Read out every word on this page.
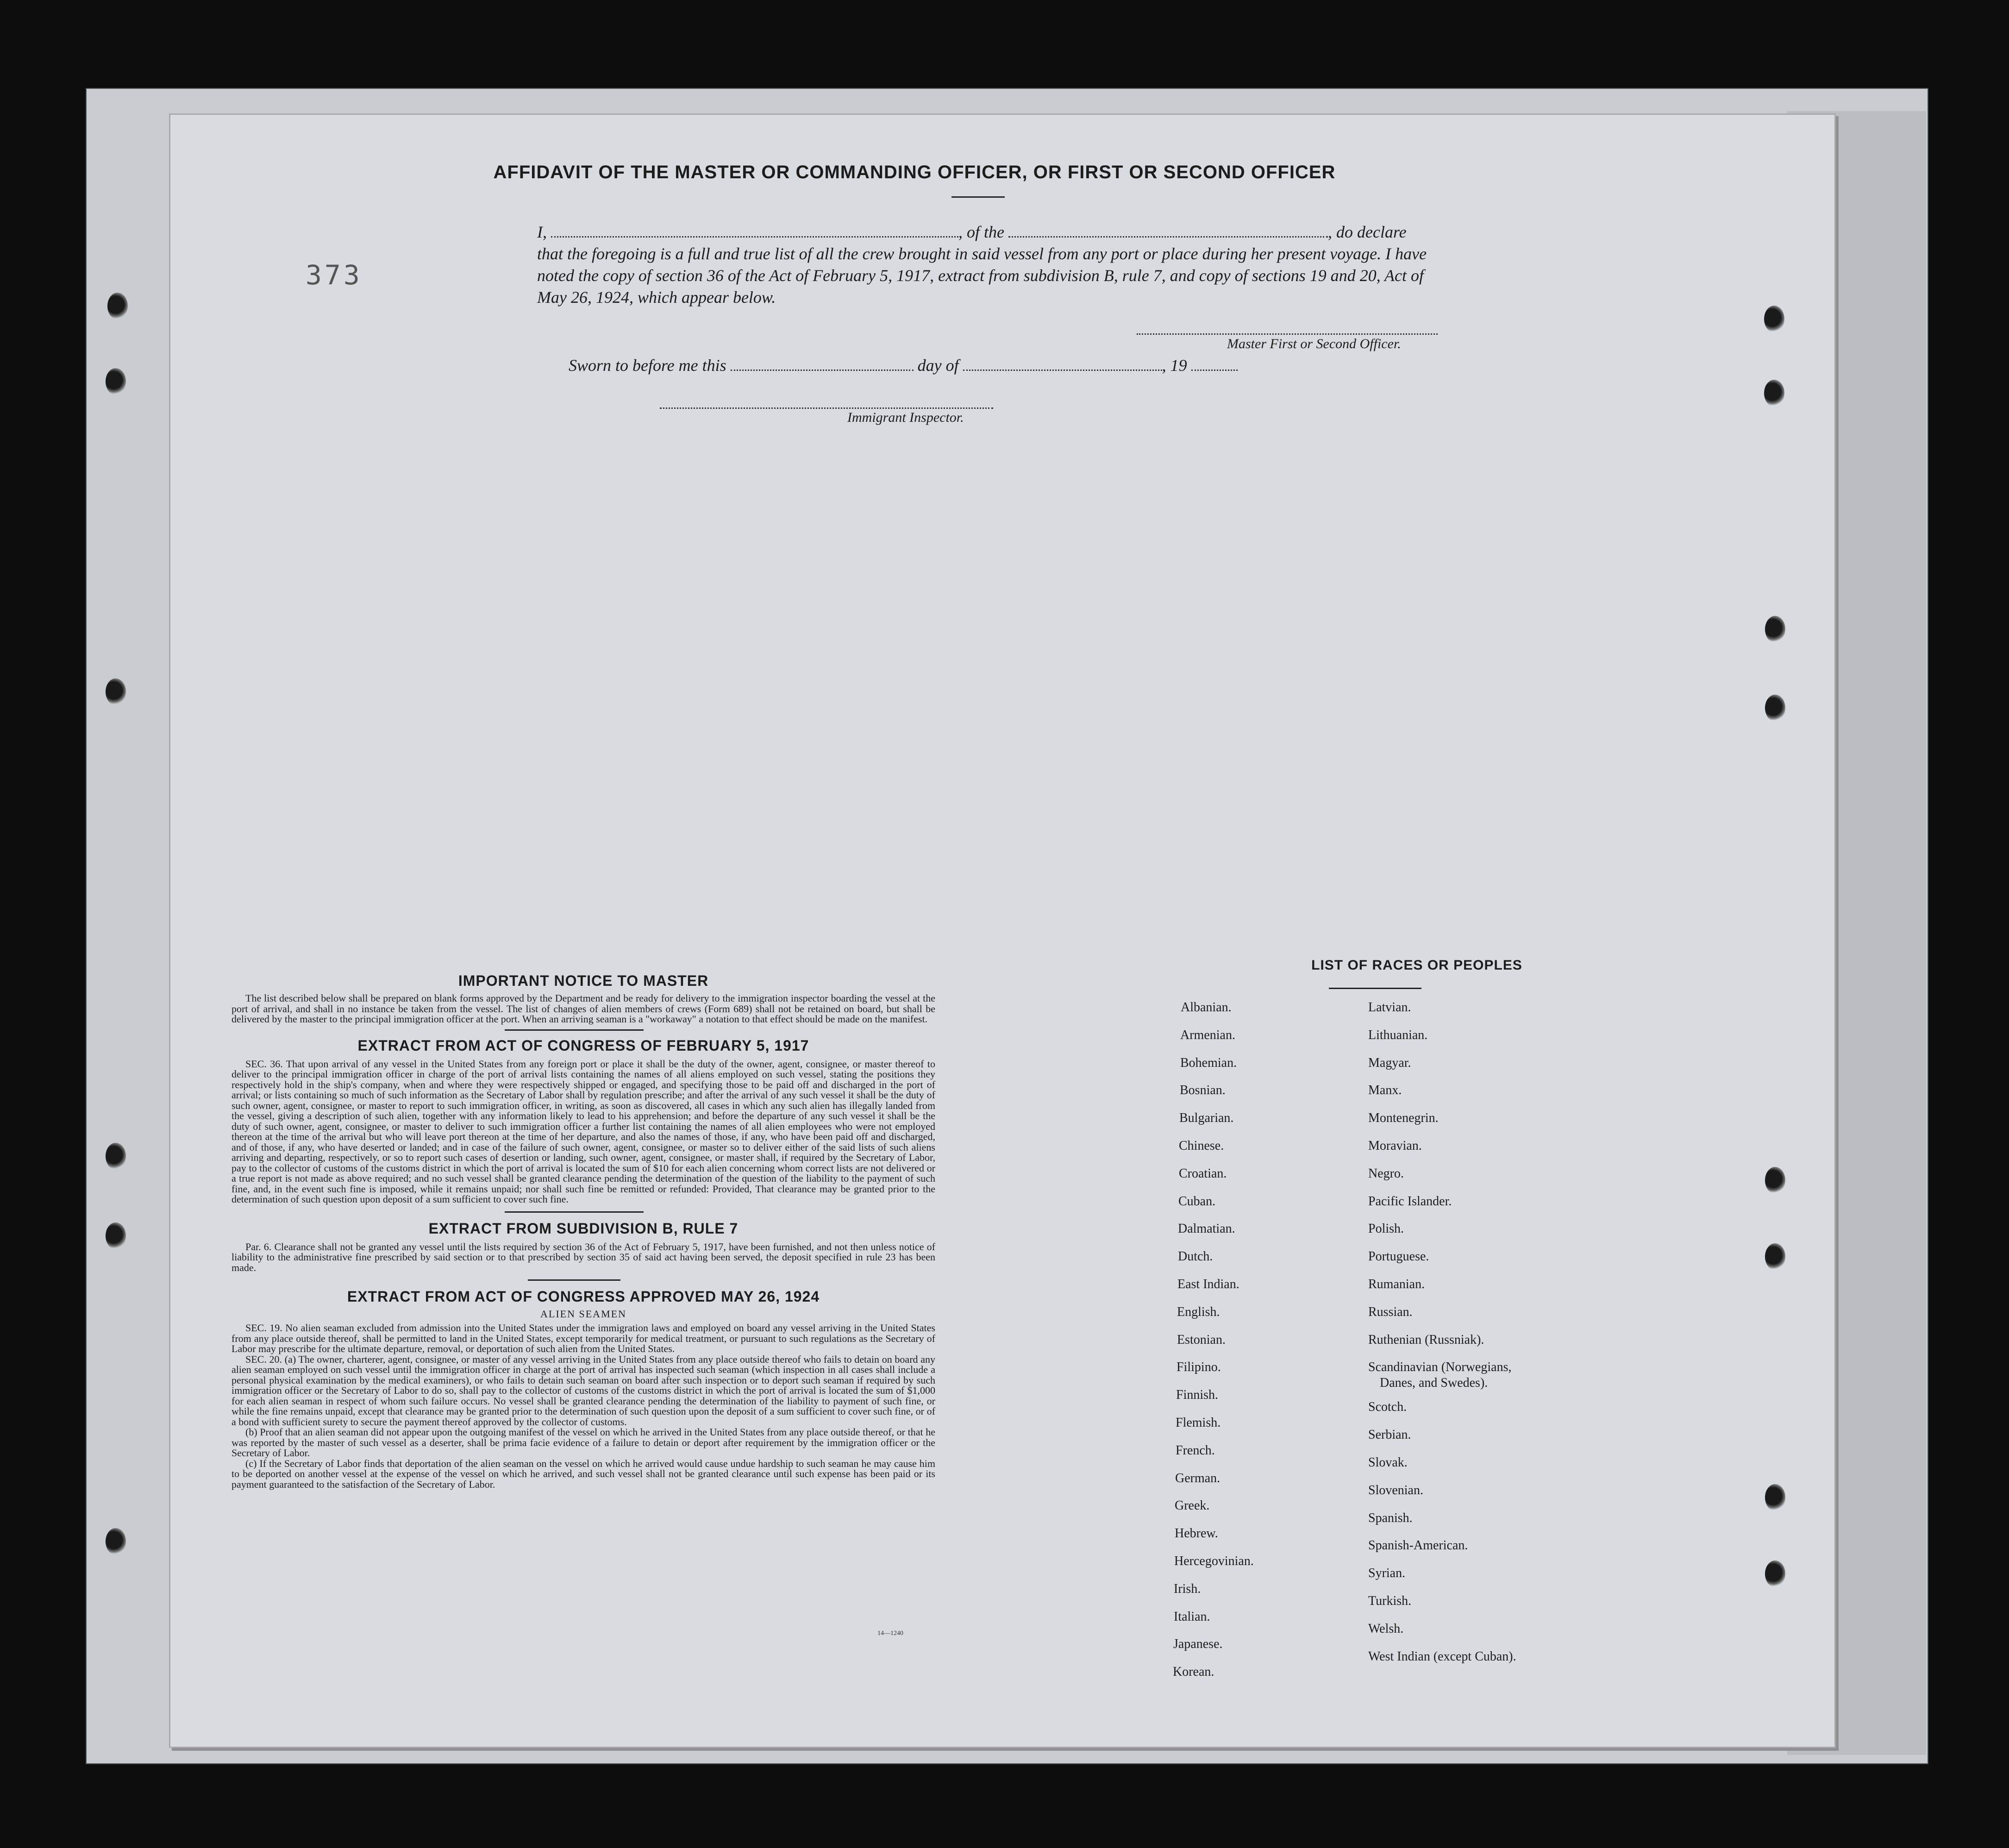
373
AFFIDAVIT OF THE MASTER OR COMMANDING OFFICER, OR FIRST OR SECOND OFFICER
I,	, of the	, do declare
that the foregoing is a full and true list of all the crew brought in said vessel from any port or place during her present voyage. I have noted the copy of section 36 of the Act of February 5, 1917, extract from subdivision B, rule 7, and copy of sections 19 and 20, Act of May 26, 1924, which appear below.
Master First or Second Officer.
Sworn to before me this	day of	, 19
Immigrant Inspector.
IMPORTANT NOTICE TO MASTER

The list described below shall be prepared on blank forms approved by the Department and be ready for delivery to the immigration inspector boarding the vessel at the port of arrival, and shall in no instance be taken from the vessel. The list of changes of alien members of crews (Form 689) shall not be retained on board, but shall be delivered by the master to the principal immigration officer at the port. When an arriving seaman is a "workaway" a notation to that effect should be made on the manifest.

EXTRACT FROM ACT OF CONGRESS OF FEBRUARY 5, 1917

SEC. 36. That upon arrival of any vessel in the United States from any foreign port or place it shall be the duty of the owner, agent, consignee, or master thereof to deliver to the principal immigration officer in charge of the port of arrival lists containing the names of all aliens employed on such vessel, stating the positions they respectively hold in the ship's company, when and where they were respectively shipped or engaged, and specifying those to be paid off and discharged in the port of arrival; or lists containing so much of such information as the Secretary of Labor shall by regulation prescribe; and after the arrival of any such vessel it shall be the duty of such owner, agent, consignee, or master to report to such immigration officer, in writing, as soon as discovered, all cases in which any such alien has illegally landed from the vessel, giving a description of such alien, together with any information likely to lead to his apprehension; and before the departure of any such vessel it shall be the duty of such owner, agent, consignee, or master to deliver to such immigration officer a further list containing the names of all alien employees who were not employed thereon at the time of the arrival but who will leave port thereon at the time of her departure, and also the names of those, if any, who have been paid off and discharged, and of those, if any, who have deserted or landed; and in case of the failure of such owner, agent, consignee, or master so to deliver either of the said lists of such aliens arriving and departing, respectively, or so to report such cases of desertion or landing, such owner, agent, consignee, or master shall, if required by the Secretary of Labor, pay to the collector of customs of the customs district in which the port of arrival is located the sum of $10 for each alien concerning whom correct lists are not delivered or a true report is not made as above required; and no such vessel shall be granted clearance pending the determination of the question of the liability to the payment of such fine, and, in the event such fine is imposed, while it remains unpaid; nor shall such fine be remitted or refunded: Provided, That clearance may be granted prior to the determination of such question upon deposit of a sum sufficient to cover such fine.

EXTRACT FROM SUBDIVISION B, RULE 7

Par. 6. Clearance shall not be granted any vessel until the lists required by section 36 of the Act of February 5, 1917, have been furnished, and not then unless notice of liability to the administrative fine prescribed by said section or to that prescribed by section 35 of said act having been served, the deposit specified in rule 23 has been made.

EXTRACT FROM ACT OF CONGRESS APPROVED MAY 26, 1924
ALIEN SEAMEN

SEC. 19. No alien seaman excluded from admission into the United States under the immigration laws and employed on board any vessel arriving in the United States from any place outside thereof, shall be permitted to land in the United States, except temporarily for medical treatment, or pursuant to such regulations as the Secretary of Labor may prescribe for the ultimate departure, removal, or deportation of such alien from the United States.

SEC. 20. (a) The owner, charterer, agent, consignee, or master of any vessel arriving in the United States from any place outside thereof who fails to detain on board any alien seaman employed on such vessel until the immigration officer in charge at the port of arrival has inspected such seaman (which inspection in all cases shall include a personal physical examination by the medical examiners), or who fails to detain such seaman on board after such inspection or to deport such seaman if required by such immigration officer or the Secretary of Labor to do so, shall pay to the collector of customs of the customs district in which the port of arrival is located the sum of $1,000 for each alien seaman in respect of whom such failure occurs. No vessel shall be granted clearance pending the determination of the liability to payment of such fine, or while the fine remains unpaid, except that clearance may be granted prior to the determination of such question upon the deposit of a sum sufficient to cover such fine, or of a bond with sufficient surety to secure the payment thereof approved by the collector of customs.

(b) Proof that an alien seaman did not appear upon the outgoing manifest of the vessel on which he arrived in the United States from any place outside thereof, or that he was reported by the master of such vessel as a deserter, shall be prima facie evidence of a failure to detain or deport after requirement by the immigration officer or the Secretary of Labor.

(c) If the Secretary of Labor finds that deportation of the alien seaman on the vessel on which he arrived would cause undue hardship to such seaman he may cause him to be deported on another vessel at the expense of the vessel on which he arrived, and such vessel shall not be granted clearance until such expense has been paid or its payment guaranteed to the satisfaction of the Secretary of Labor.

14—1240
LIST OF RACES OR PEOPLES
Albanian.
Armenian.
Bohemian.
Bosnian.
Bulgarian.
Chinese.
Croatian.
Cuban.
Dalmatian.
Dutch.
East Indian.
English.
Estonian.
Filipino.
Finnish.
Flemish.
French.
German.
Greek.
Hebrew.
Hercegovinian.
Irish.
Italian.
Japanese.
Korean.
Latvian.
Lithuanian.
Magyar.
Manx.
Montenegrin.
Moravian.
Negro.
Pacific Islander.
Polish.
Portuguese.
Rumanian.
Russian.
Ruthenian (Russniak).
Scandinavian (Norwegians,
Danes, and Swedes).
Scotch.
Serbian.
Slovak.
Slovenian.
Spanish.
Spanish-American.
Syrian.
Turkish.
Welsh.
West Indian (except Cuban).
